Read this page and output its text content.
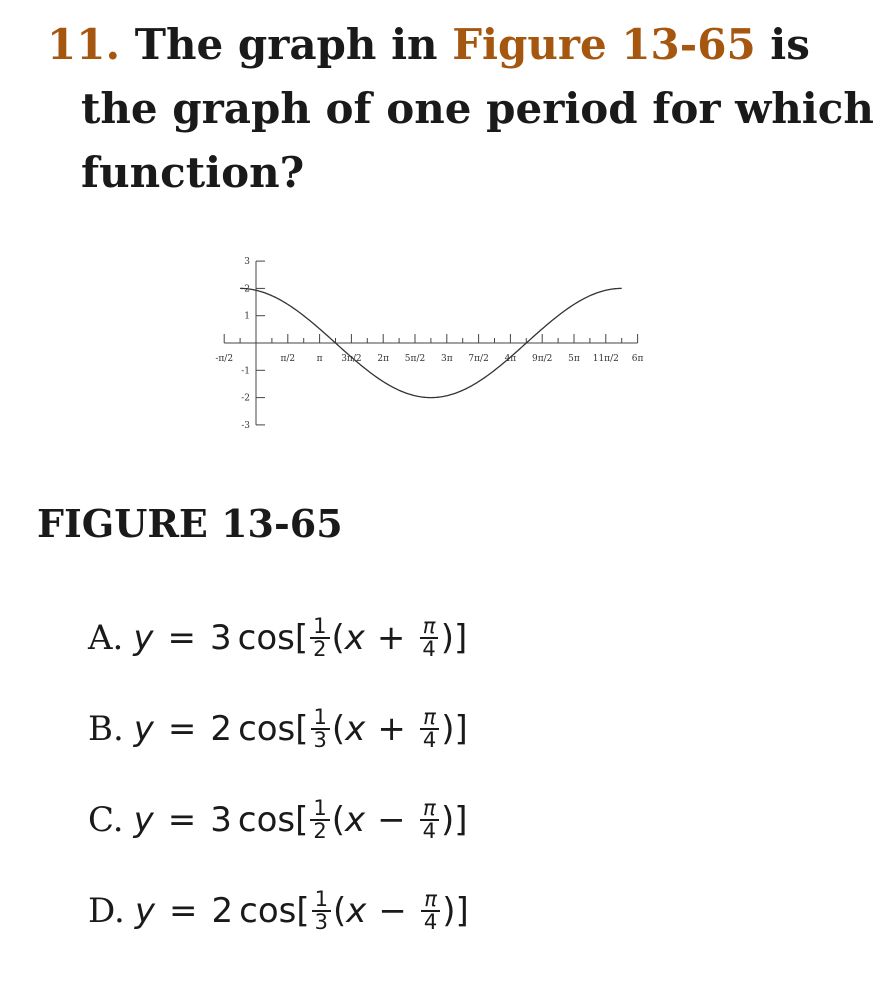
11. The graph in Figure 13-65 is
the graph of one period for which
function?
-π/2	π/2 π 3π/2 2π 5π/2 3π 7π/2 4π 9π/2 5π 11π/2 6π
3
2
1
-1
-2
-3
FIGURE 13-65
A. y = 3 $\cos[ \frac{1}{2}$ ( $x + \frac{\pi}{4}$ )]
B. y = 2 $\cos[ \frac{1}{3}$ ( $x + \frac{\pi}{4}$ )]
C. y = 3 $\cos[ \frac{1}{2}$ ( $x - \frac{\pi}{4}$ )]
D. y = 2 $\cos[ \frac{1}{3}$ ( $x - \frac{\pi}{4}$ )]
